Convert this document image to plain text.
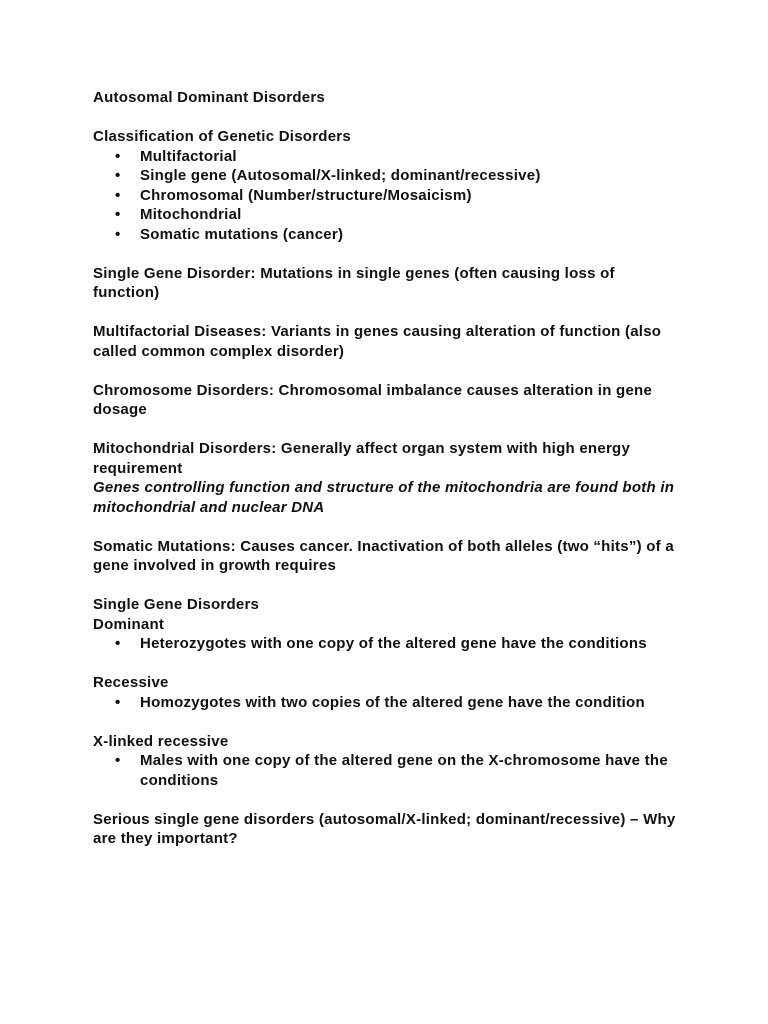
Autosomal Dominant Disorders

Classification of Genetic Disorders

• Multifactorial
• Single gene (Autosomal/X-linked; dominant/recessive)
• Chromosomal (Number/structure/Mosaicism)
• Mitochondrial
• Somatic mutations (cancer)

Single Gene Disorder: Mutations in single genes (often causing loss of function)

Multifactorial Diseases: Variants in genes causing alteration of function (also called common complex disorder)

Chromosome Disorders: Chromosomal imbalance causes alteration in gene dosage

Mitochondrial Disorders: Generally affect organ system with high energy requirement

Genes controlling function and structure of the mitochondria are found both in mitochondrial and nuclear DNA

Somatic Mutations: Causes cancer. Inactivation of both alleles (two “hits”) of a gene involved in growth requires

Single Gene Disorders

Dominant

• Heterozygotes with one copy of the altered gene have the conditions

Recessive

• Homozygotes with two copies of the altered gene have the condition

X-linked recessive

• Males with one copy of the altered gene on the X-chromosome have the conditions

Serious single gene disorders (autosomal/X-linked; dominant/recessive) – Why are they important?
